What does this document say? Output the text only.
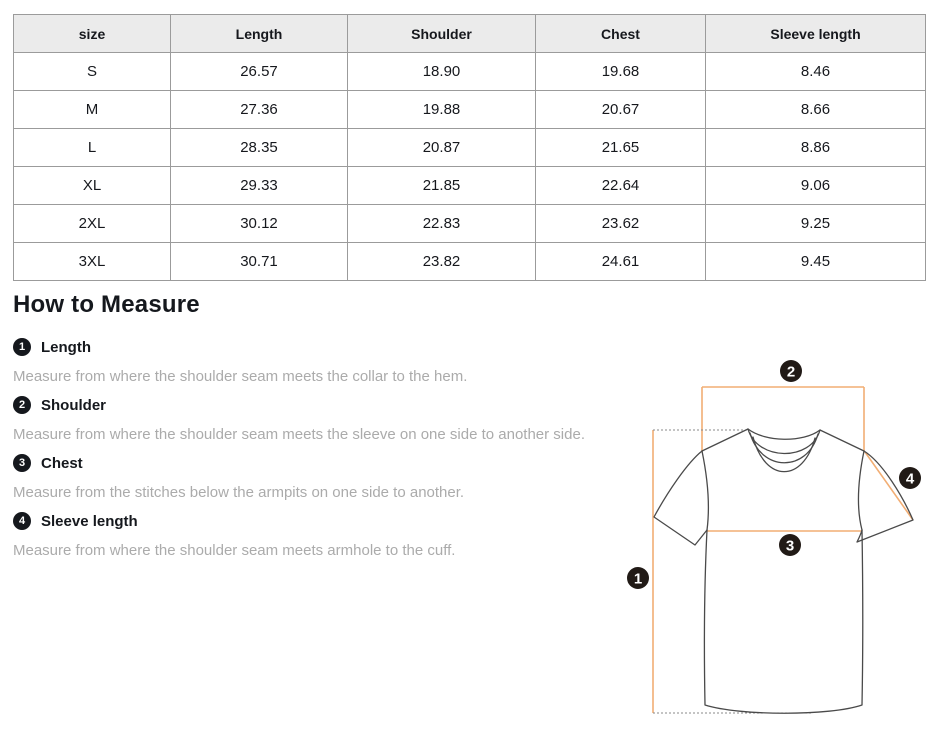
size	Length	Shoulder	Chest	Sleeve length
S	26.57	18.90	19.68	8.46
M	27.36	19.88	20.67	8.66
L	28.35	20.87	21.65	8.86
XL	29.33	21.85	22.64	9.06
2XL	30.12	22.83	23.62	9.25
3XL	30.71	23.82	24.61	9.45
How to Measure
1	Length

Measure from where the shoulder seam meets the collar to the hem.

2	Shoulder

Measure from where the shoulder seam meets the sleeve on one side to another side.

3	Chest

Measure from the stitches below the armpits on one side to another.

4	Sleeve length

Measure from where the shoulder seam meets armhole to the cuff.

1
2
3
4
